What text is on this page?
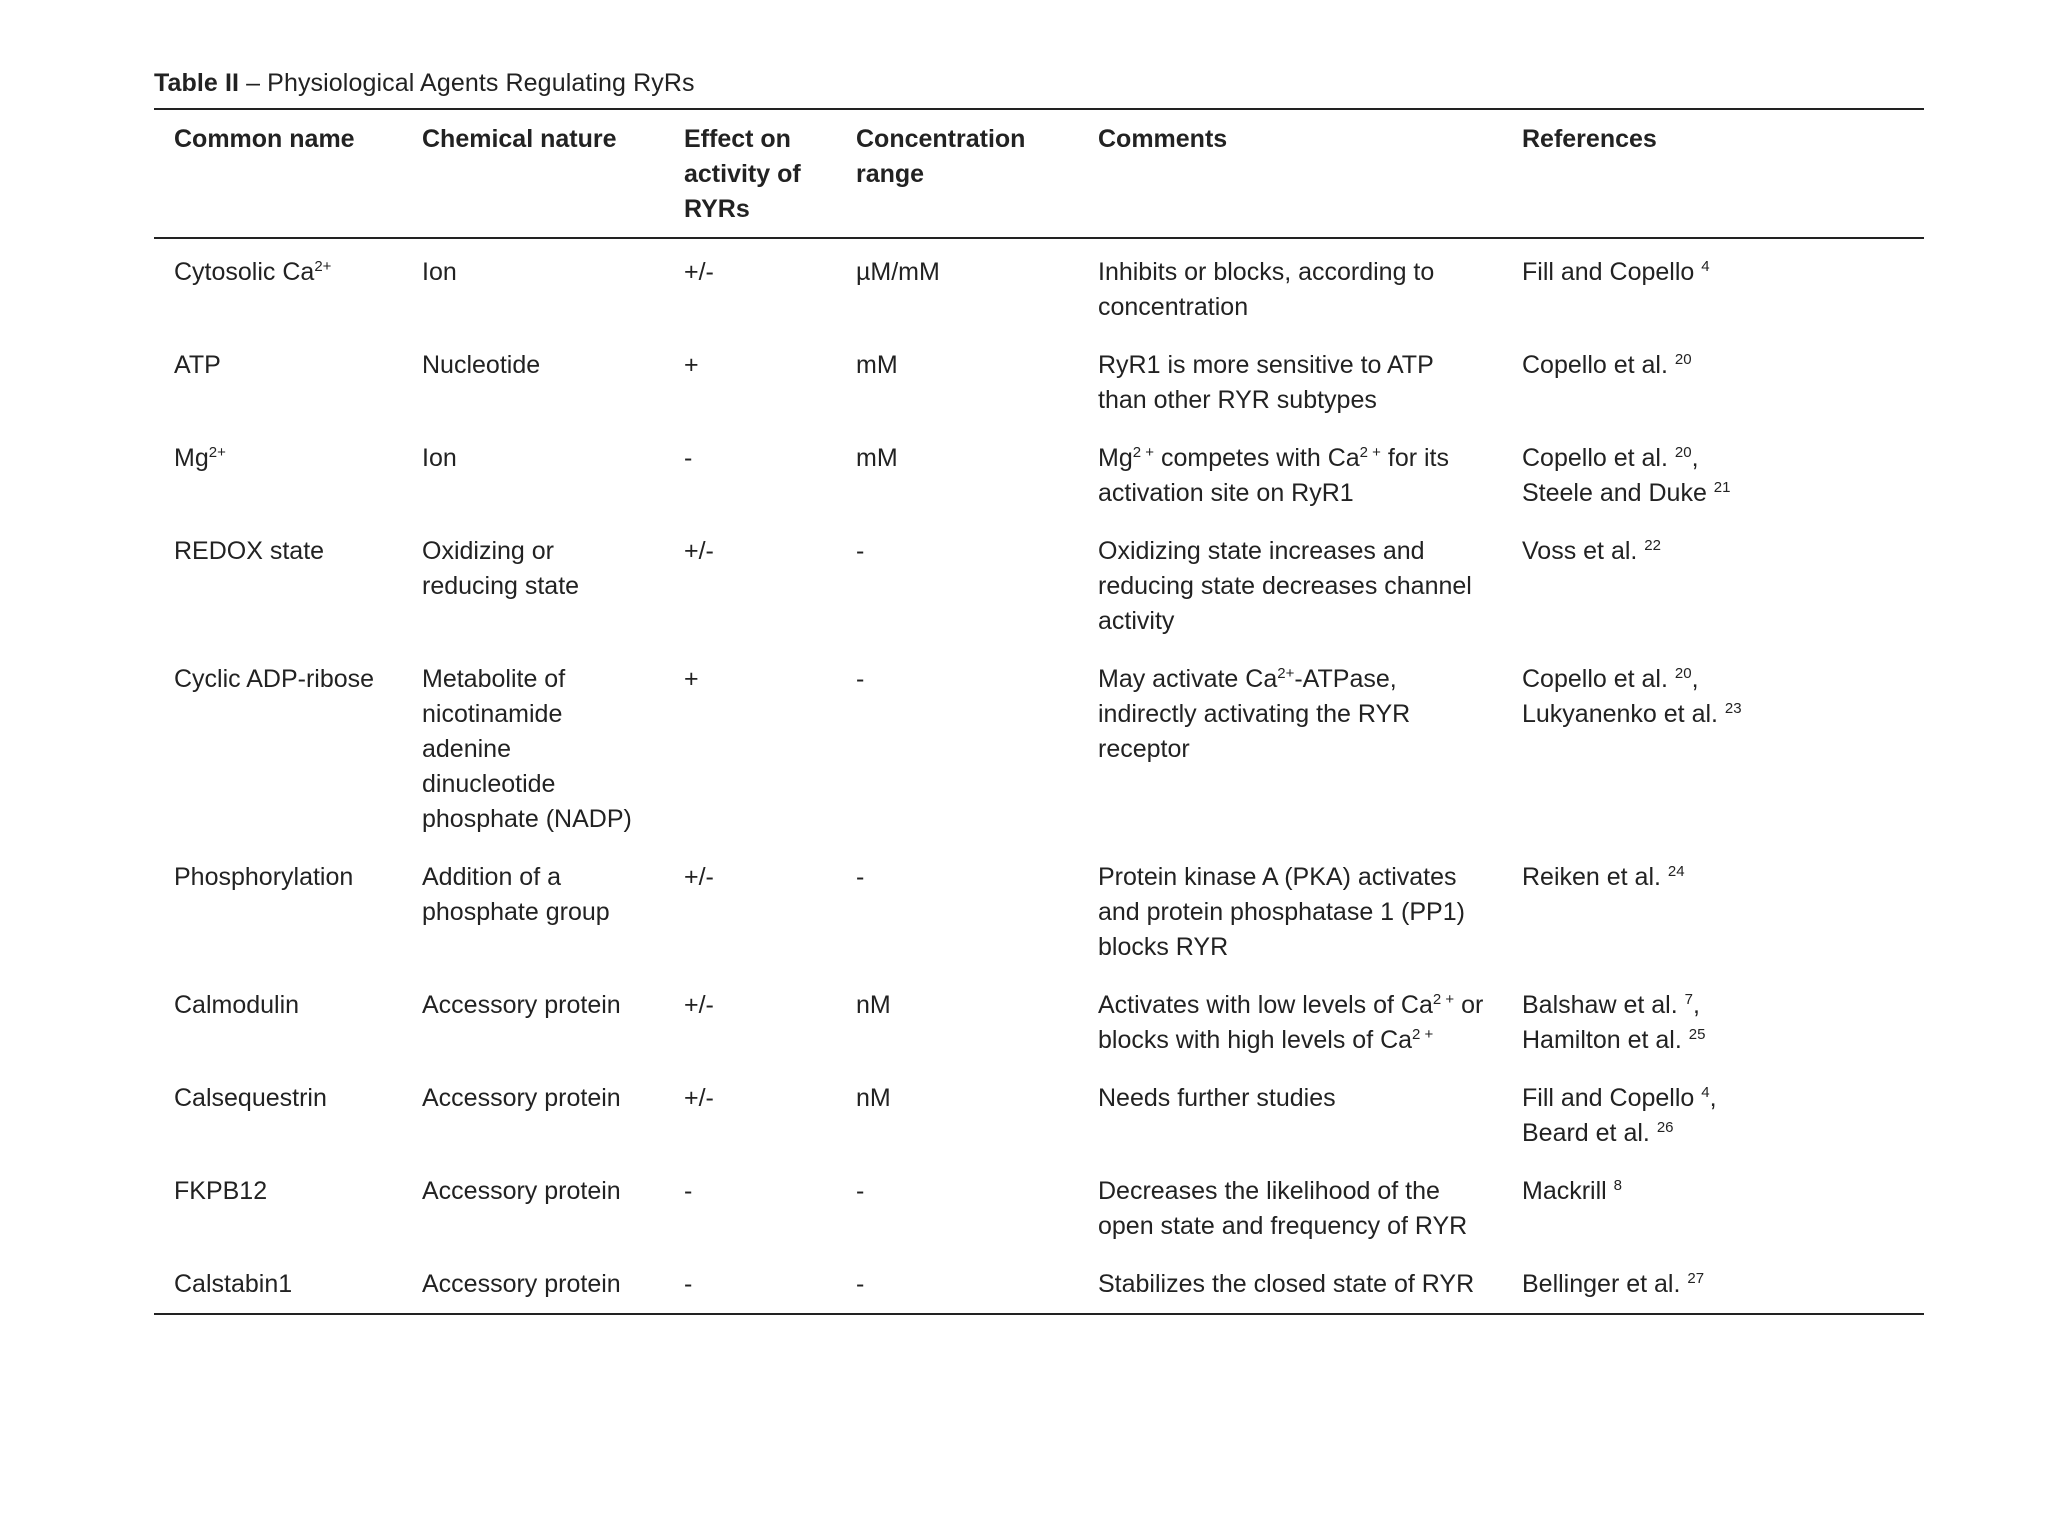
Table II – Physiological Agents Regulating RyRs
Common name	Chemical nature	Effect on activity of RYRs	Concentration range	Comments	References
Cytosolic $Ca^{2+}$	Ion	+/-	µM/mM	Inhibits or blocks, according to concentration	Fill and Copello $^4$

ATP	Nucleotide	+	mM	RyR1 is more sensitive to ATP than other RYR subtypes	Copello et al. $^{20}$

$Mg^{2+}$	Ion	-	mM	$Mg^{2 +}$ competes with $Ca^{2 +}$ for its activation site on RyR1	Copello et al. $^{20}$,
Steele and Duke $^{21}$

REDOX state	Oxidizing or reducing state	+/-	-	Oxidizing state increases and reducing state decreases channel activity	Voss et al. $^{22}$

Cyclic ADP-ribose	Metabolite of nicotinamide adenine dinucleotide phosphate (NADP)	+	-	May activate $Ca^{2+}$-ATPase, indirectly activating the RYR receptor	Copello et al. $^{20}$,
Lukyanenko et al. $^{23}$

Phosphorylation	Addition of a phosphate group	+/-	-	Protein kinase A (PKA) activates and protein phosphatase 1 (PP1) blocks RYR	Reiken et al. $^{24}$

Calmodulin	Accessory protein	+/-	nM	Activates with low levels of $Ca^{2 +}$ or blocks with high levels of $Ca^{2 +}$	Balshaw et al. $^7$,
Hamilton et al. $^{25}$

Calsequestrin	Accessory protein	+/-	nM	Needs further studies	Fill and Copello $^4$,
Beard et al. $^{26}$

FKPB12	Accessory protein	-	-	Decreases the likelihood of the open state and frequency of RYR	Mackrill $^8$

Calstabin1	Accessory protein	-	-	Stabilizes the closed state of RYR	Bellinger et al. $^{27}$
